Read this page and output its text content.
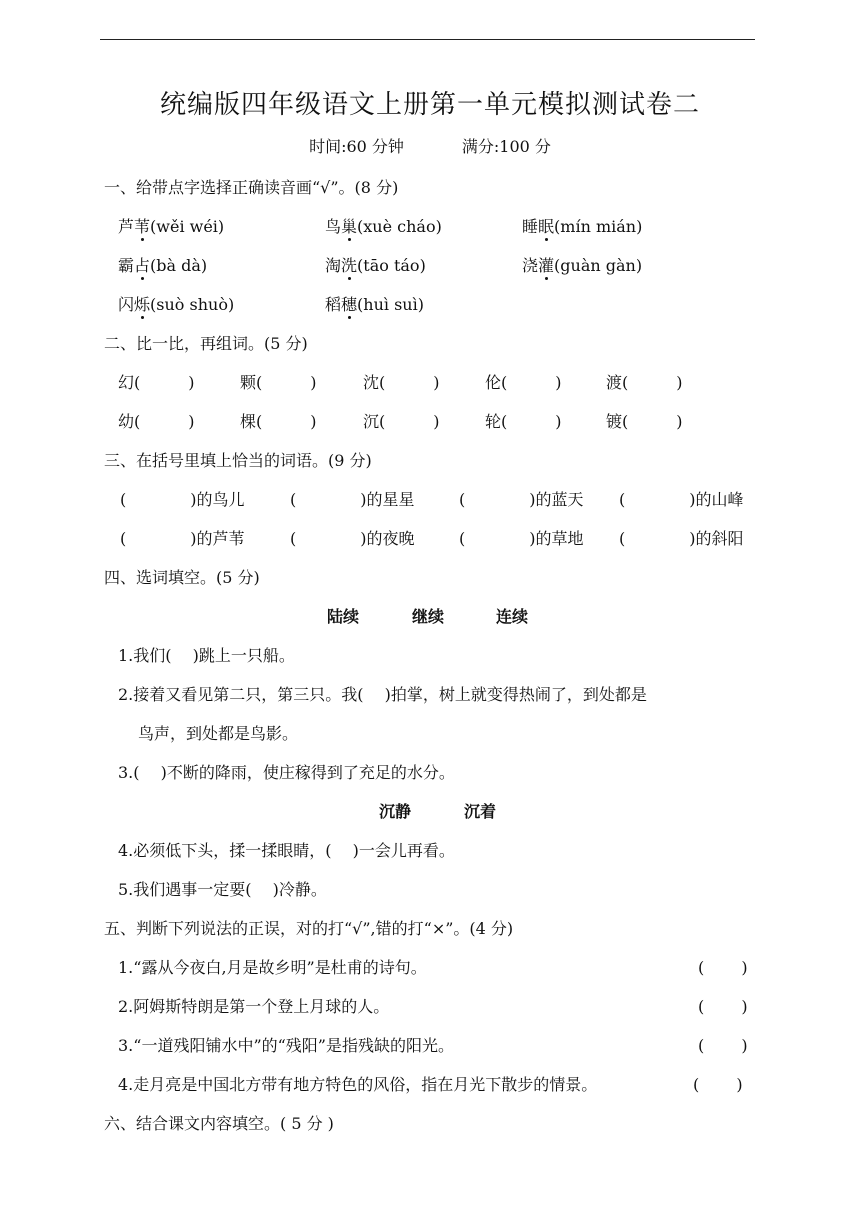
统编版四年级语文上册第一单元模拟测试卷二
时间:60 分钟	满分:100 分
一、给带点字选择正确读音画“√”。(8 分)
芦苇(wěi wéi)	鸟巢(xuè cháo)	睡眠(mín mián)
霸占(bà dà)	淘洗(tāo táo)	浇灌(guàn gàn)
闪烁(suò shuò)	稻穗(huì suì)
二、比一比，再组词。(5 分)
幻(　　　)	颗(　　　)	沈(　　　)	伦(　　　)	渡(　　　)
幼(　　　)	棵(　　　)	沉(　　　)	轮(　　　)	镀(　　　)
三、在括号里填上恰当的词语。(9 分)
(　　　　)的鸟儿	(　　　　)的星星	(　　　　)的蓝天 (　　　　)的山峰
(　　　　)的芦苇	(　　　　)的夜晚	(　　　　)的草地 (　　　　)的斜阳
四、选词填空。(5 分)
陆续	继续	连续
1.我们(　 )跳上一只船。
2.接着又看见第二只，第三只。我(　 )拍掌，树上就变得热闹了，到处都是
鸟声，到处都是鸟影。
3.(　 )不断的降雨，使庄稼得到了充足的水分。
沉静	沉着
4.必须低下头，揉一揉眼睛，(　 )一会儿再看。
5.我们遇事一定要(　 )冷静。
五、判断下列说法的正误，对的打“√”,错的打“×”。(4 分)
1.“露从今夜白,月是故乡明”是杜甫的诗句。	(　　 )
2.阿姆斯特朗是第一个登上月球的人。	(　　 )
3.“一道残阳铺水中”的“残阳”是指残缺的阳光。	(　　 )
4.走月亮是中国北方带有地方特色的风俗，指在月光下散步的情景。	(　　 )
六、结合课文内容填空。( 5 分 )
